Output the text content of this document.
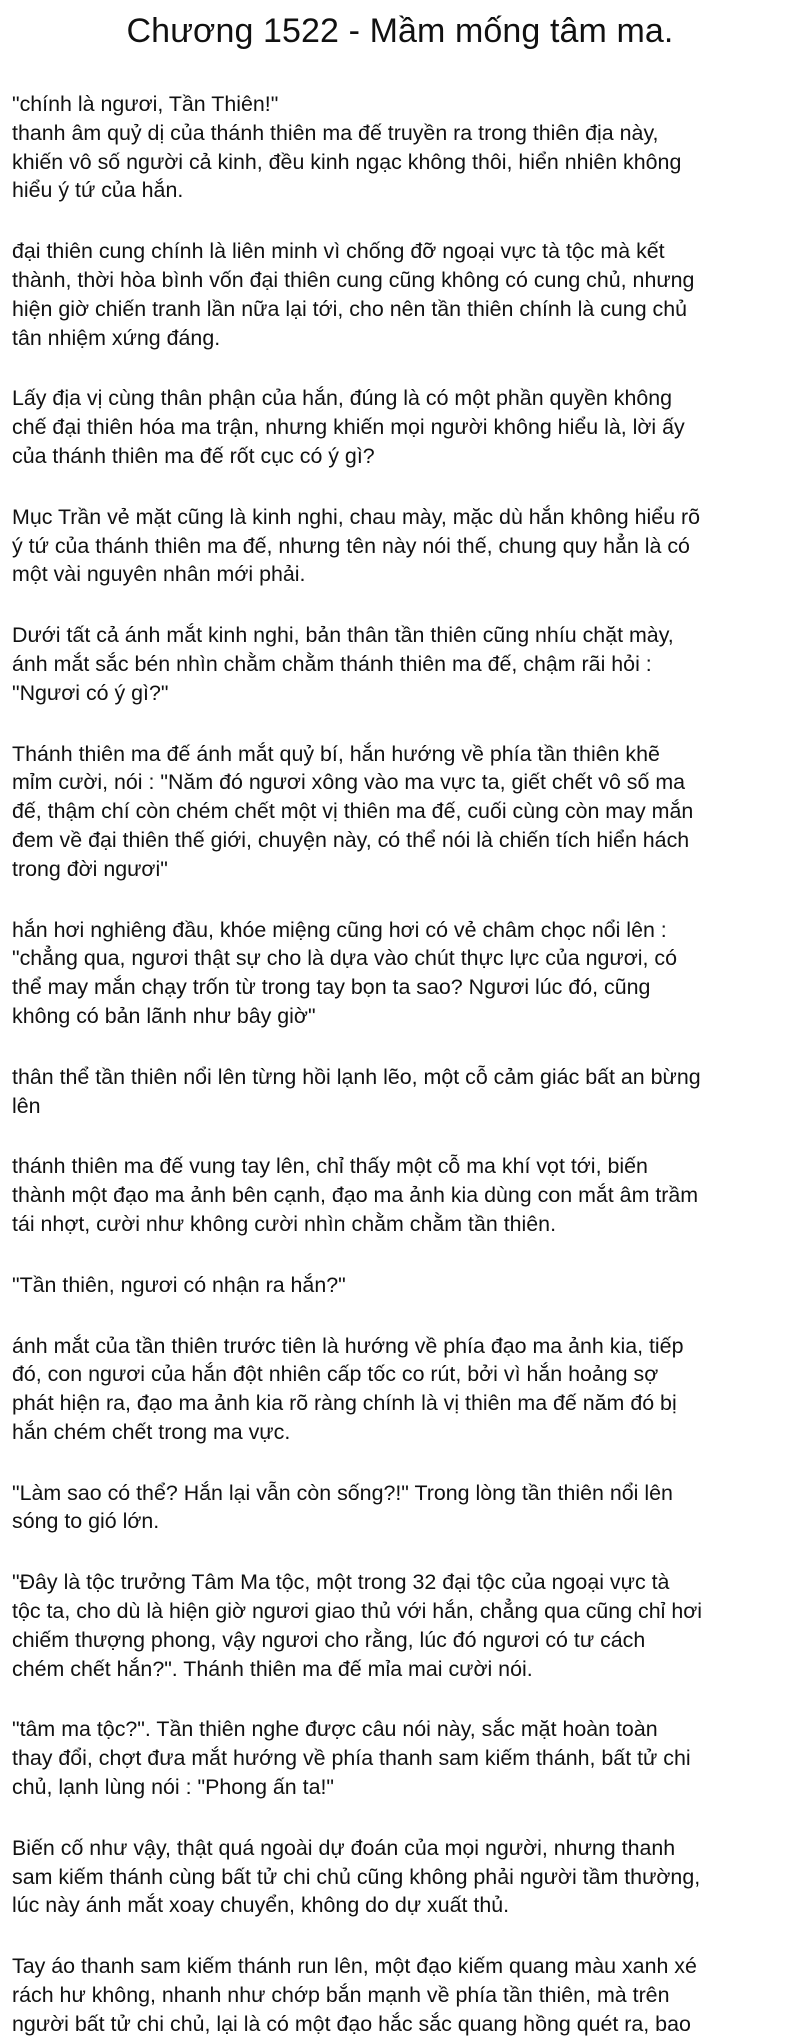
Chương 1522 - Mầm mống tâm ma.

"chính là ngươi, Tần Thiên!"
thanh âm quỷ dị của thánh thiên ma đế truyền ra trong thiên địa này,
khiến vô số người cả kinh, đều kinh ngạc không thôi, hiển nhiên không
hiểu ý tứ của hắn.

đại thiên cung chính là liên minh vì chống đỡ ngoại vực tà tộc mà kết
thành, thời hòa bình vốn đại thiên cung cũng không có cung chủ, nhưng
hiện giờ chiến tranh lần nữa lại tới, cho nên tần thiên chính là cung chủ
tân nhiệm xứng đáng.

Lấy địa vị cùng thân phận của hắn, đúng là có một phần quyền không
chế đại thiên hóa ma trận, nhưng khiến mọi người không hiểu là, lời ấy
của thánh thiên ma đế rốt cục có ý gì?

Mục Trần vẻ mặt cũng là kinh nghi, chau mày, mặc dù hắn không hiểu rõ
ý tứ của thánh thiên ma đế, nhưng tên này nói thế, chung quy hẳn là có
một vài nguyên nhân mới phải.

Dưới tất cả ánh mắt kinh nghi, bản thân tần thiên cũng nhíu chặt mày,
ánh mắt sắc bén nhìn chằm chằm thánh thiên ma đế, chậm rãi hỏi :
"Ngươi có ý gì?"

Thánh thiên ma đế ánh mắt quỷ bí, hắn hướng về phía tần thiên khẽ
mỉm cười, nói : "Năm đó ngươi xông vào ma vực ta, giết chết vô số ma
đế, thậm chí còn chém chết một vị thiên ma đế, cuối cùng còn may mắn
đem về đại thiên thế giới, chuyện này, có thể nói là chiến tích hiển hách
trong đời ngươi"

hắn hơi nghiêng đầu, khóe miệng cũng hơi có vẻ châm chọc nổi lên :
"chẳng qua, ngươi thật sự cho là dựa vào chút thực lực của ngươi, có
thể may mắn chạy trốn từ trong tay bọn ta sao? Ngươi lúc đó, cũng
không có bản lãnh như bây giờ"

thân thể tần thiên nổi lên từng hồi lạnh lẽo, một cỗ cảm giác bất an bừng
lên

thánh thiên ma đế vung tay lên, chỉ thấy một cỗ ma khí vọt tới, biến
thành một đạo ma ảnh bên cạnh, đạo ma ảnh kia dùng con mắt âm trầm
tái nhợt, cười như không cười nhìn chằm chằm tần thiên.

"Tần thiên, ngươi có nhận ra hắn?"

ánh mắt của tần thiên trước tiên là hướng về phía đạo ma ảnh kia, tiếp
đó, con ngươi của hắn đột nhiên cấp tốc co rút, bởi vì hắn hoảng sợ
phát hiện ra, đạo ma ảnh kia rõ ràng chính là vị thiên ma đế năm đó bị
hắn chém chết trong ma vực.

"Làm sao có thể? Hắn lại vẫn còn sống?!" Trong lòng tần thiên nổi lên
sóng to gió lớn.

"Đây là tộc trưởng Tâm Ma tộc, một trong 32 đại tộc của ngoại vực tà
tộc ta, cho dù là hiện giờ ngươi giao thủ với hắn, chẳng qua cũng chỉ hơi
chiếm thượng phong, vậy ngươi cho rằng, lúc đó ngươi có tư cách
chém chết hắn?". Thánh thiên ma đế mỉa mai cười nói.

"tâm ma tộc?". Tần thiên nghe được câu nói này, sắc mặt hoàn toàn
thay đổi, chợt đưa mắt hướng về phía thanh sam kiếm thánh, bất tử chi
chủ, lạnh lùng nói : "Phong ấn ta!"

Biến cố như vậy, thật quá ngoài dự đoán của mọi người, nhưng thanh
sam kiếm thánh cùng bất tử chi chủ cũng không phải người tầm thường,
lúc này ánh mắt xoay chuyển, không do dự xuất thủ.

Tay áo thanh sam kiếm thánh run lên, một đạo kiếm quang màu xanh xé
rách hư không, nhanh như chớp bắn mạnh về phía tần thiên, mà trên
người bất tử chi chủ, lại là có một đạo hắc sắc quang hồng quét ra, bao
